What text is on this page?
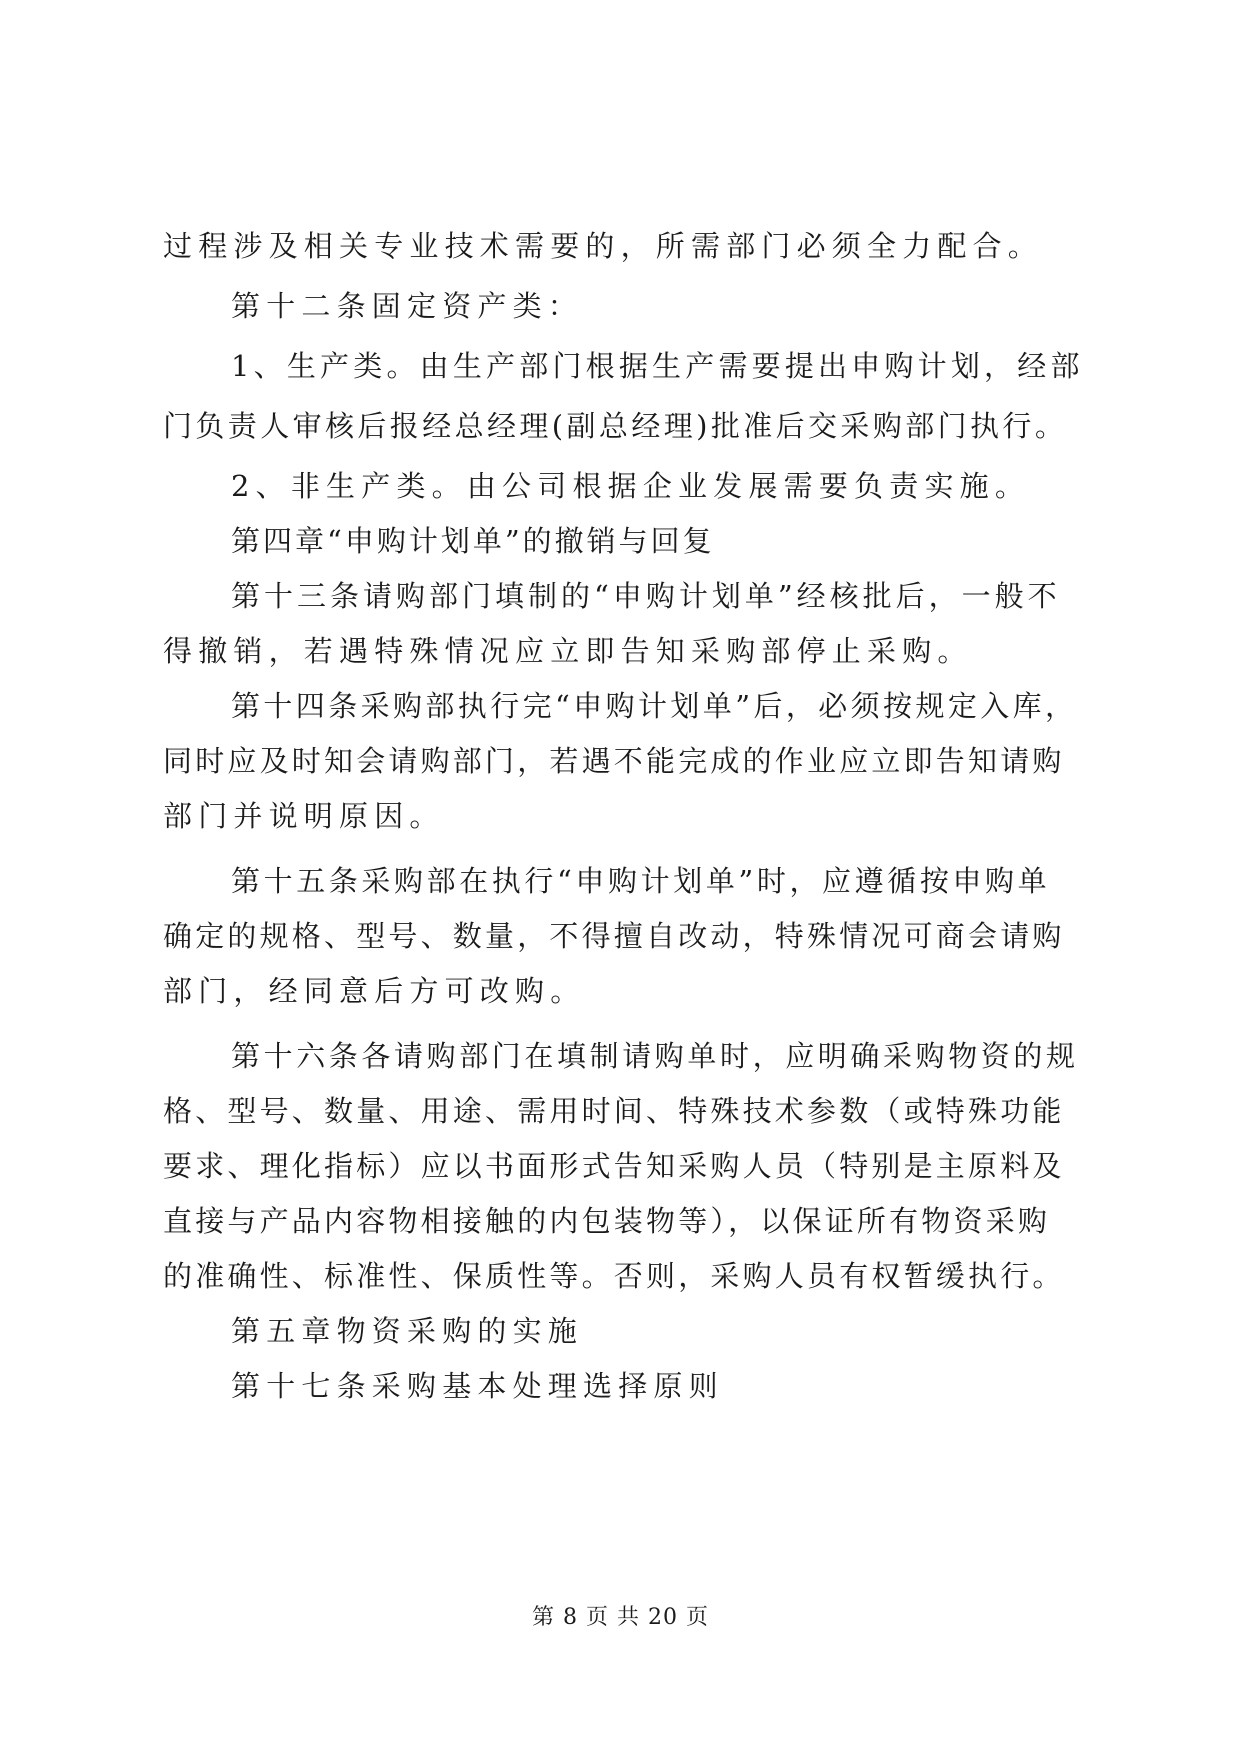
过程涉及相关专业技术需要的，所需部门必须全力配合。
第十二条固定资产类：
1、生产类。由生产部门根据生产需要提出申购计划，经部
门负责人审核后报经总经理(副总经理)批准后交采购部门执行。
2、非生产类。由公司根据企业发展需要负责实施。
第四章“申购计划单”的撤销与回复
第十三条请购部门填制的“申购计划单”经核批后，一般不
得撤销，若遇特殊情况应立即告知采购部停止采购。
第十四条采购部执行完“申购计划单”后，必须按规定入库，
同时应及时知会请购部门，若遇不能完成的作业应立即告知请购
部门并说明原因。
第十五条采购部在执行“申购计划单”时，应遵循按申购单
确定的规格、型号、数量，不得擅自改动，特殊情况可商会请购
部门，经同意后方可改购。
第十六条各请购部门在填制请购单时，应明确采购物资的规
格、型号、数量、用途、需用时间、特殊技术参数（或特殊功能
要求、理化指标）应以书面形式告知采购人员（特别是主原料及
直接与产品内容物相接触的内包装物等），以保证所有物资采购
的准确性、标准性、保质性等。否则，采购人员有权暂缓执行。
第五章物资采购的实施
第十七条采购基本处理选择原则
第 8 页 共 20 页
